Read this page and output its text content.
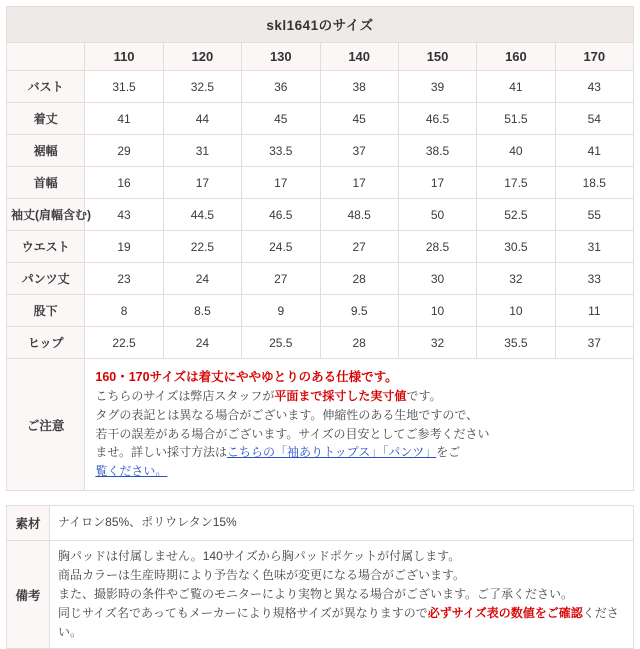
skl1641のサイズ							
	110	120	130	140	150	160	170
バスト	31.5	32.5	36	38	39	41	43
着丈	41	44	45	45	46.5	51.5	54
裾幅	29	31	33.5	37	38.5	40	41
首幅	16	17	17	17	17	17.5	18.5
袖丈(肩幅含む)	43	44.5	46.5	48.5	50	52.5	55
ウエスト	19	22.5	24.5	27	28.5	30.5	31
パンツ丈	23	24	27	28	30	32	33
股下	8	8.5	9	9.5	10	10	11
ヒップ	22.5	24	25.5	28	32	35.5	37
ご注意	
160・170サイズは着丈にややゆとりのある仕様です。
こちらのサイズは弊店スタッフが平面まで採寸した実寸値です。
タグの表記とは異なる場合がございます。伸縮性のある生地ですので、
若干の誤差がある場合がございます。サイズの目安としてご参考ください
ませ。詳しい採寸方法はこちらの「袖ありトップス」「パンツ」をご
覧ください。
素材	ナイロン85%、ポリウレタン15%
備考	胸パッドは付属しません。140サイズから胸パッドポケットが付属します。
商品カラーは生産時期により予告なく色味が変更になる場合がございます。
また、撮影時の条件やご覧のモニターにより実物と異なる場合がございます。ご了承ください。
同じサイズ名であってもメーカーにより規格サイズが異なりますので必ずサイズ表の数値をご確認ください。
